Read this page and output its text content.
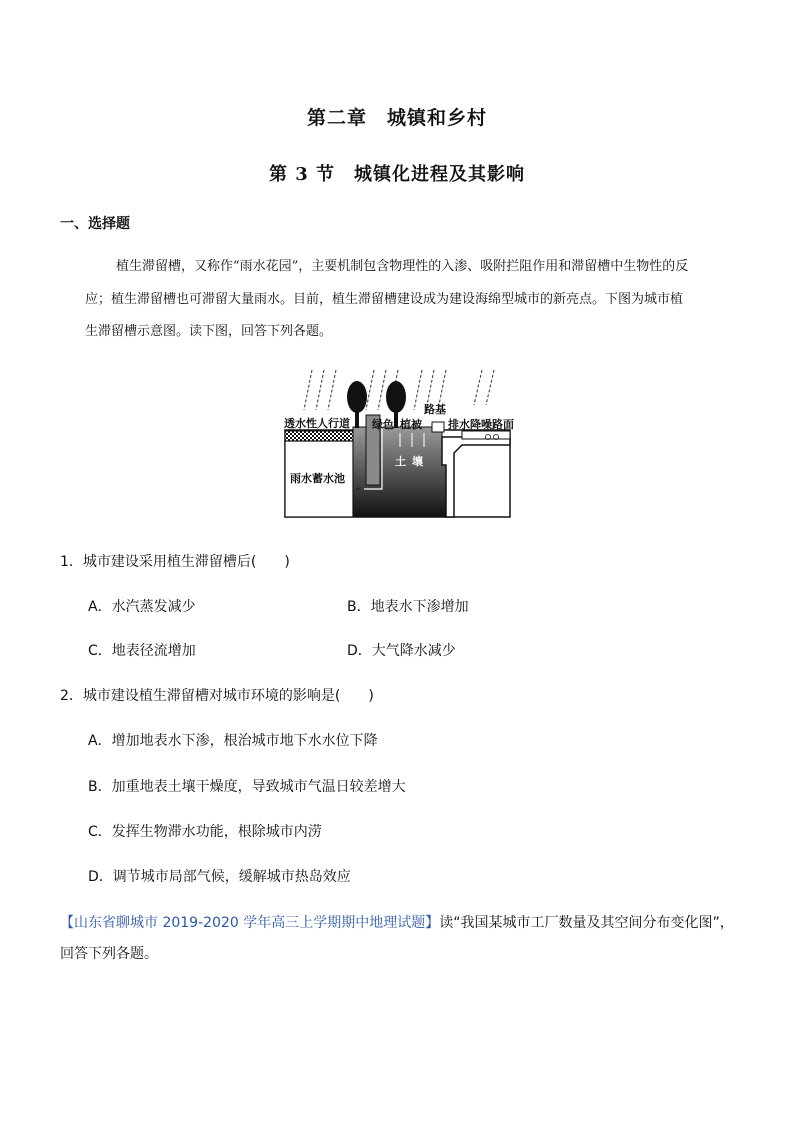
第二章　城镇和乡村
第 3 节　城镇化进程及其影响
一、选择题
植生滞留槽，又称作“雨水花园”，主要机制包含物理性的入渗、吸附拦阻作用和滞留槽中生物性的反
应；植生滞留槽也可滞留大量雨水。目前，植生滞留槽建设成为建设海绵型城市的新亮点。下图为城市植
生滞留槽示意图。读下图，回答下列各题。
透水性人行道 绿色 植被
路基
排水降噪路面
雨水蓄水池
土 壤
1．城市建设采用植生滞留槽后(　　)
A．水汽蒸发减少	B．地表水下渗增加
C．地表径流增加	D．大气降水减少
2．城市建设植生滞留槽对城市环境的影响是(　　)
A．增加地表水下渗，根治城市地下水水位下降
B．加重地表土壤干燥度，导致城市气温日较差增大
C．发挥生物滞水功能，根除城市内涝
D．调节城市局部气候，缓解城市热岛效应
【山东省聊城市 2019-2020 学年高三上学期期中地理试题】读“我国某城市工厂数量及其空间分布变化图”，
回答下列各题。
